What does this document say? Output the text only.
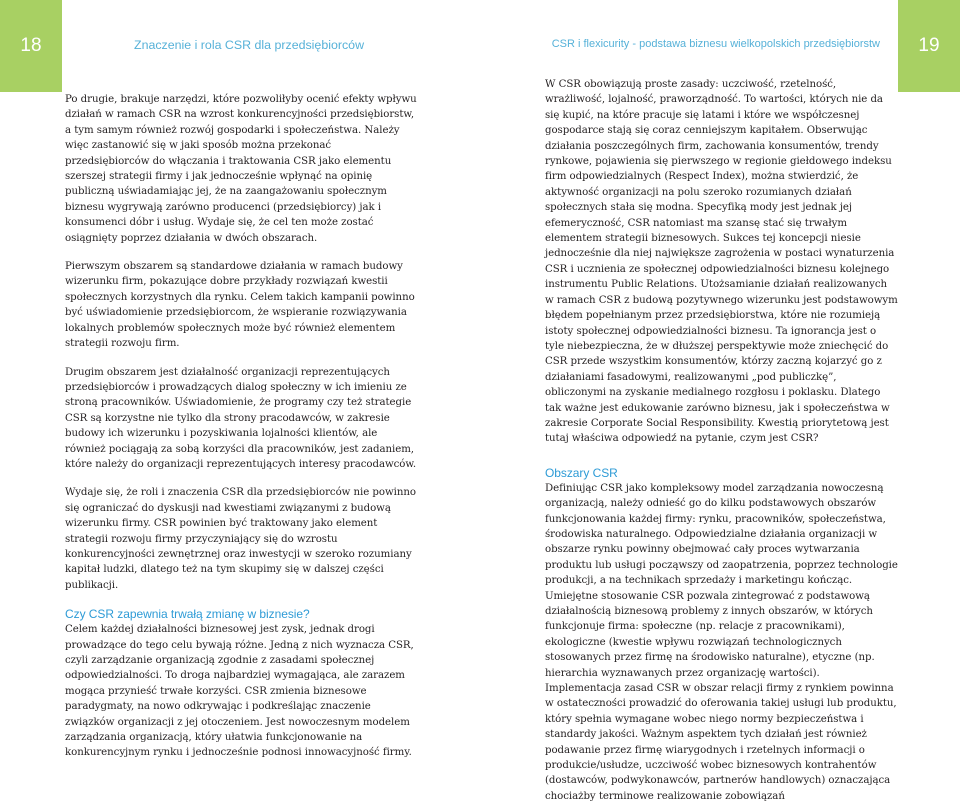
18	Znaczenie i rola CSR dla przedsiębiorców	CSR i flexicurity - podstawa biznesu wielkopolskich przedsiębiorstw	19

Po drugie, brakuje narzędzi, które pozwoliłyby ocenić efekty wpływu działań w ramach CSR na wzrost konkurencyjności przedsiębiorstw, a tym samym również rozwój gospodarki i społeczeństwa. Należy więc zastanowić się w jaki sposób można przekonać przedsiębiorców do włączania i traktowania CSR jako elementu szerszej strategii firmy i jak jednocześnie wpłynąć na opinię publiczną uświadamiając jej, że na zaangażowaniu społecznym biznesu wygrywają zarówno producenci (przedsiębiorcy) jak i konsumenci dóbr i usług. Wydaje się, że cel ten może zostać osiągnięty poprzez działania w dwóch obszarach.

Pierwszym obszarem są standardowe działania w ramach budowy wizerunku firm, pokazujące dobre przykłady rozwiązań kwestii społecznych korzystnych dla rynku. Celem takich kampanii powinno być uświadomienie przedsiębiorcom, że wspieranie rozwiązywania lokalnych problemów społecznych może być również elementem strategii rozwoju firm.

Drugim obszarem jest działalność organizacji reprezentujących przedsiębiorców i prowadzących dialog społeczny w ich imieniu ze stroną pracowników. Uświadomienie, że programy czy też strategie CSR są korzystne nie tylko dla strony pracodawców, w zakresie budowy ich wizerunku i pozyskiwania lojalności klientów, ale również pociągają za sobą korzyści dla pracowników, jest zadaniem, które należy do organizacji reprezentujących interesy pracodawców.

Wydaje się, że roli i znaczenia CSR dla przedsiębiorców nie powinno się ograniczać do dyskusji nad kwestiami związanymi z budową wizerunku firmy. CSR powinien być traktowany jako element strategii rozwoju firmy przyczyniający się do wzrostu konkurencyjności zewnętrznej oraz inwestycji w szeroko rozumiany kapitał ludzki, dlatego też na tym skupimy się w dalszej części publikacji.

Czy CSR zapewnia trwałą zmianę w biznesie?

Celem każdej działalności biznesowej jest zysk, jednak drogi prowadzące do tego celu bywają różne. Jedną z nich wyznacza CSR, czyli zarządzanie organizacją zgodnie z zasadami społecznej odpowiedzialności. To droga najbardziej wymagająca, ale zarazem mogąca przynieść trwałe korzyści. CSR zmienia biznesowe paradygmaty, na nowo odkrywając i podkreślając znaczenie związków organizacji z jej otoczeniem. Jest nowoczesnym modelem zarządzania organizacją, który ułatwia funkcjonowanie na konkurencyjnym rynku i jednocześnie podnosi innowacyjność firmy.

W CSR obowiązują proste zasady: uczciwość, rzetelność, wrażliwość, lojalność, praworządność. To wartości, których nie da się kupić, na które pracuje się latami i które we współczesnej gospodarce stają się coraz cenniejszym kapitałem. Obserwując działania poszczególnych firm, zachowania konsumentów, trendy rynkowe, pojawienia się pierwszego w regionie giełdowego indeksu firm odpowiedzialnych (Respect Index), można stwierdzić, że aktywność organizacji na polu szeroko rozumianych działań społecznych stała się modna. Specyfiką mody jest jednak jej efemeryczność, CSR natomiast ma szansę stać się trwałym elementem strategii biznesowych. Sukces tej koncepcji niesie jednocześnie dla niej największe zagrożenia w postaci wynaturzenia CSR i ucznienia ze społecznej odpowiedzialności biznesu kolejnego instrumentu Public Relations. Utożsamianie działań realizowanych w ramach CSR z budową pozytywnego wizerunku jest podstawowym błędem popełnianym przez przedsiębiorstwa, które nie rozumieją istoty społecznej odpowiedzialności biznesu. Ta ignorancja jest o tyle niebezpieczna, że w dłuższej perspektywie może zniechęcić do CSR przede wszystkim konsumentów, którzy zaczną kojarzyć go z działaniami fasadowymi, realizowanymi „pod publiczkę”, obliczonymi na zyskanie medialnego rozgłosu i poklasku. Dlatego tak ważne jest edukowanie zarówno biznesu, jak i społeczeństwa w zakresie Corporate Social Responsibility. Kwestią priorytetową jest tutaj właściwa odpowiedź na pytanie, czym jest CSR?

Obszary CSR

Definiując CSR jako kompleksowy model zarządzania nowoczesną organizacją, należy odnieść go do kilku podstawowych obszarów funkcjonowania każdej firmy: rynku, pracowników, społeczeństwa, środowiska naturalnego. Odpowiedzialne działania organizacji w obszarze rynku powinny obejmować cały proces wytwarzania produktu lub usługi począwszy od zaopatrzenia, poprzez technologie produkcji, a na technikach sprzedaży i marketingu kończąc. Umiejętne stosowanie CSR pozwala zintegrować z podstawową działalnością biznesową problemy z innych obszarów, w których funkcjonuje firma: społeczne (np. relacje z pracownikami), ekologiczne (kwestie wpływu rozwiązań technologicznych stosowanych przez firmę na środowisko naturalne), etyczne (np. hierarchia wyznawanych przez organizację wartości). Implementacja zasad CSR w obszar relacji firmy z rynkiem powinna w ostateczności prowadzić do oferowania takiej usługi lub produktu, który spełnia wymagane wobec niego normy bezpieczeństwa i standardy jakości. Ważnym aspektem tych działań jest również podawanie przez firmę wiarygodnych i rzetelnych informacji o produkcie/usłudze, uczciwość wobec biznesowych kontrahentów (dostawców, podwykonawców, partnerów handlowych) oznaczająca chociażby terminowe realizowanie zobowiązań
